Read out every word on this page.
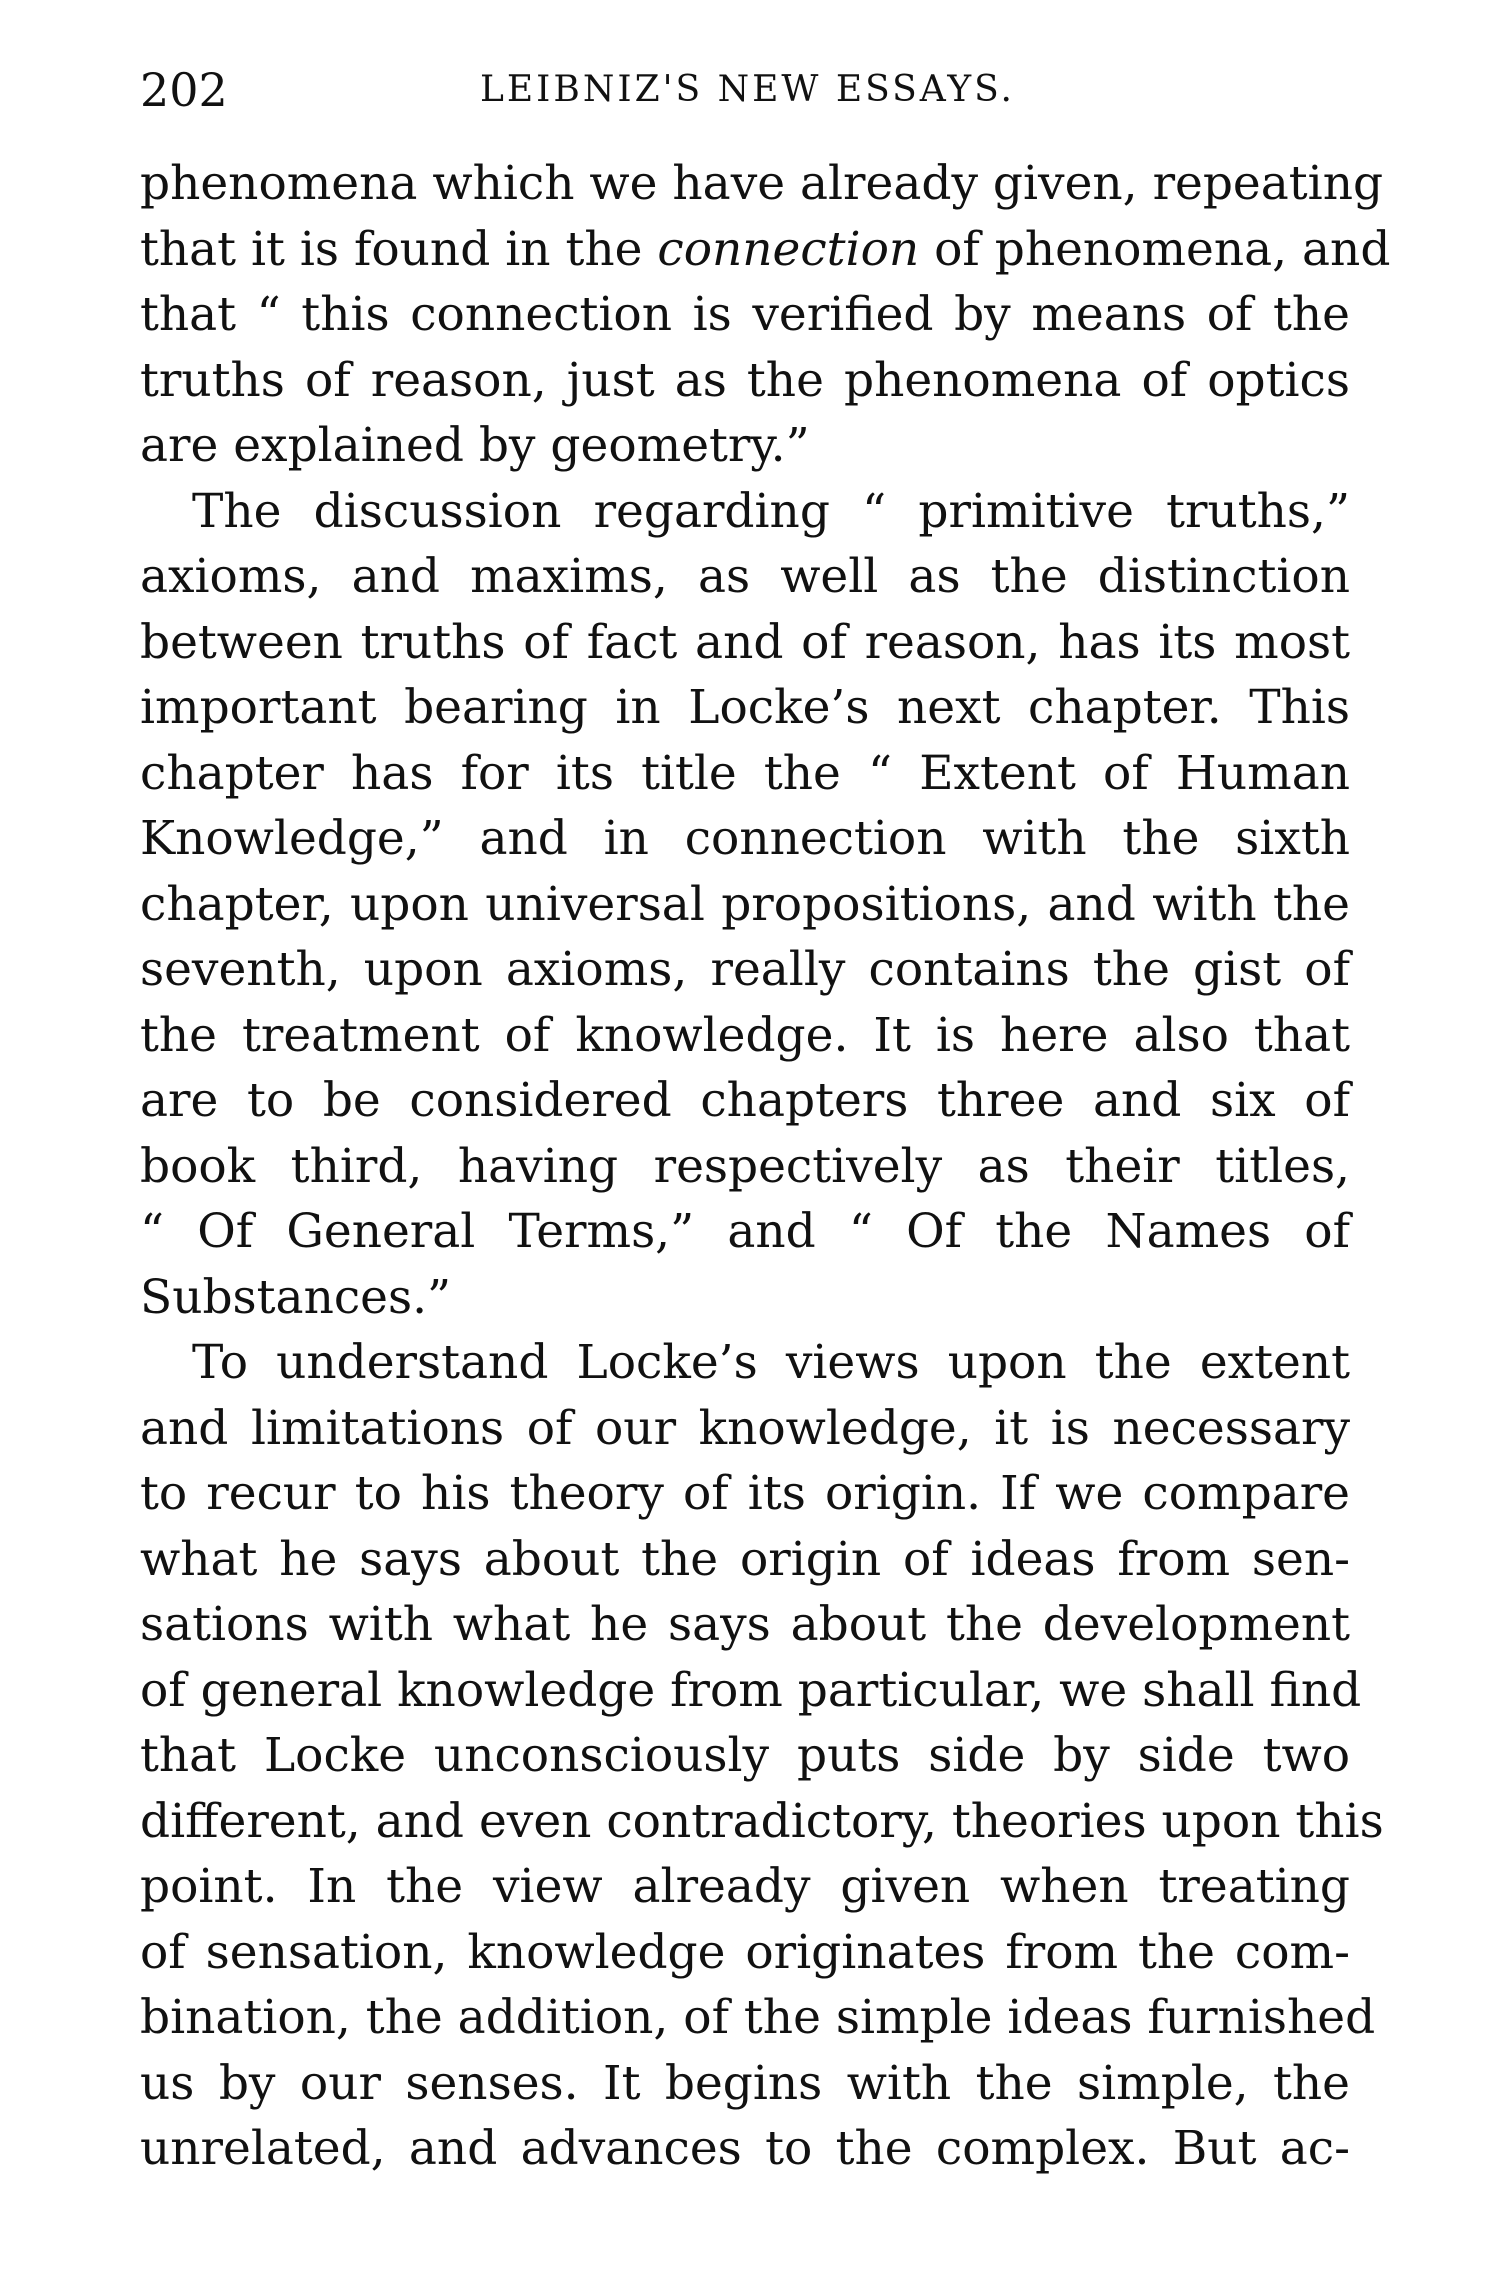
202	LEIBNIZ'S NEW ESSAYS.
phenomena which we have already given, repeating
that it is found in the connection of phenomena, and
that “ this connection is verified by means of the
truths of reason, just as the phenomena of optics
are explained by geometry.”
The discussion regarding “ primitive truths,”
axioms, and maxims, as well as the distinction
between truths of fact and of reason, has its most
important bearing in Locke’s next chapter. This
chapter has for its title the “ Extent of Human
Knowledge,” and in connection with the sixth
chapter, upon universal propositions, and with the
seventh, upon axioms, really contains the gist of
the treatment of knowledge. It is here also that
are to be considered chapters three and six of
book third, having respectively as their titles,
“ Of General Terms,” and “ Of the Names of
Substances.”
To understand Locke’s views upon the extent
and limitations of our knowledge, it is necessary
to recur to his theory of its origin. If we compare
what he says about the origin of ideas from sen-
sations with what he says about the development
of general knowledge from particular, we shall find
that Locke unconsciously puts side by side two
different, and even contradictory, theories upon this
point. In the view already given when treating
of sensation, knowledge originates from the com-
bination, the addition, of the simple ideas furnished
us by our senses. It begins with the simple, the
unrelated, and advances to the complex. But ac-
